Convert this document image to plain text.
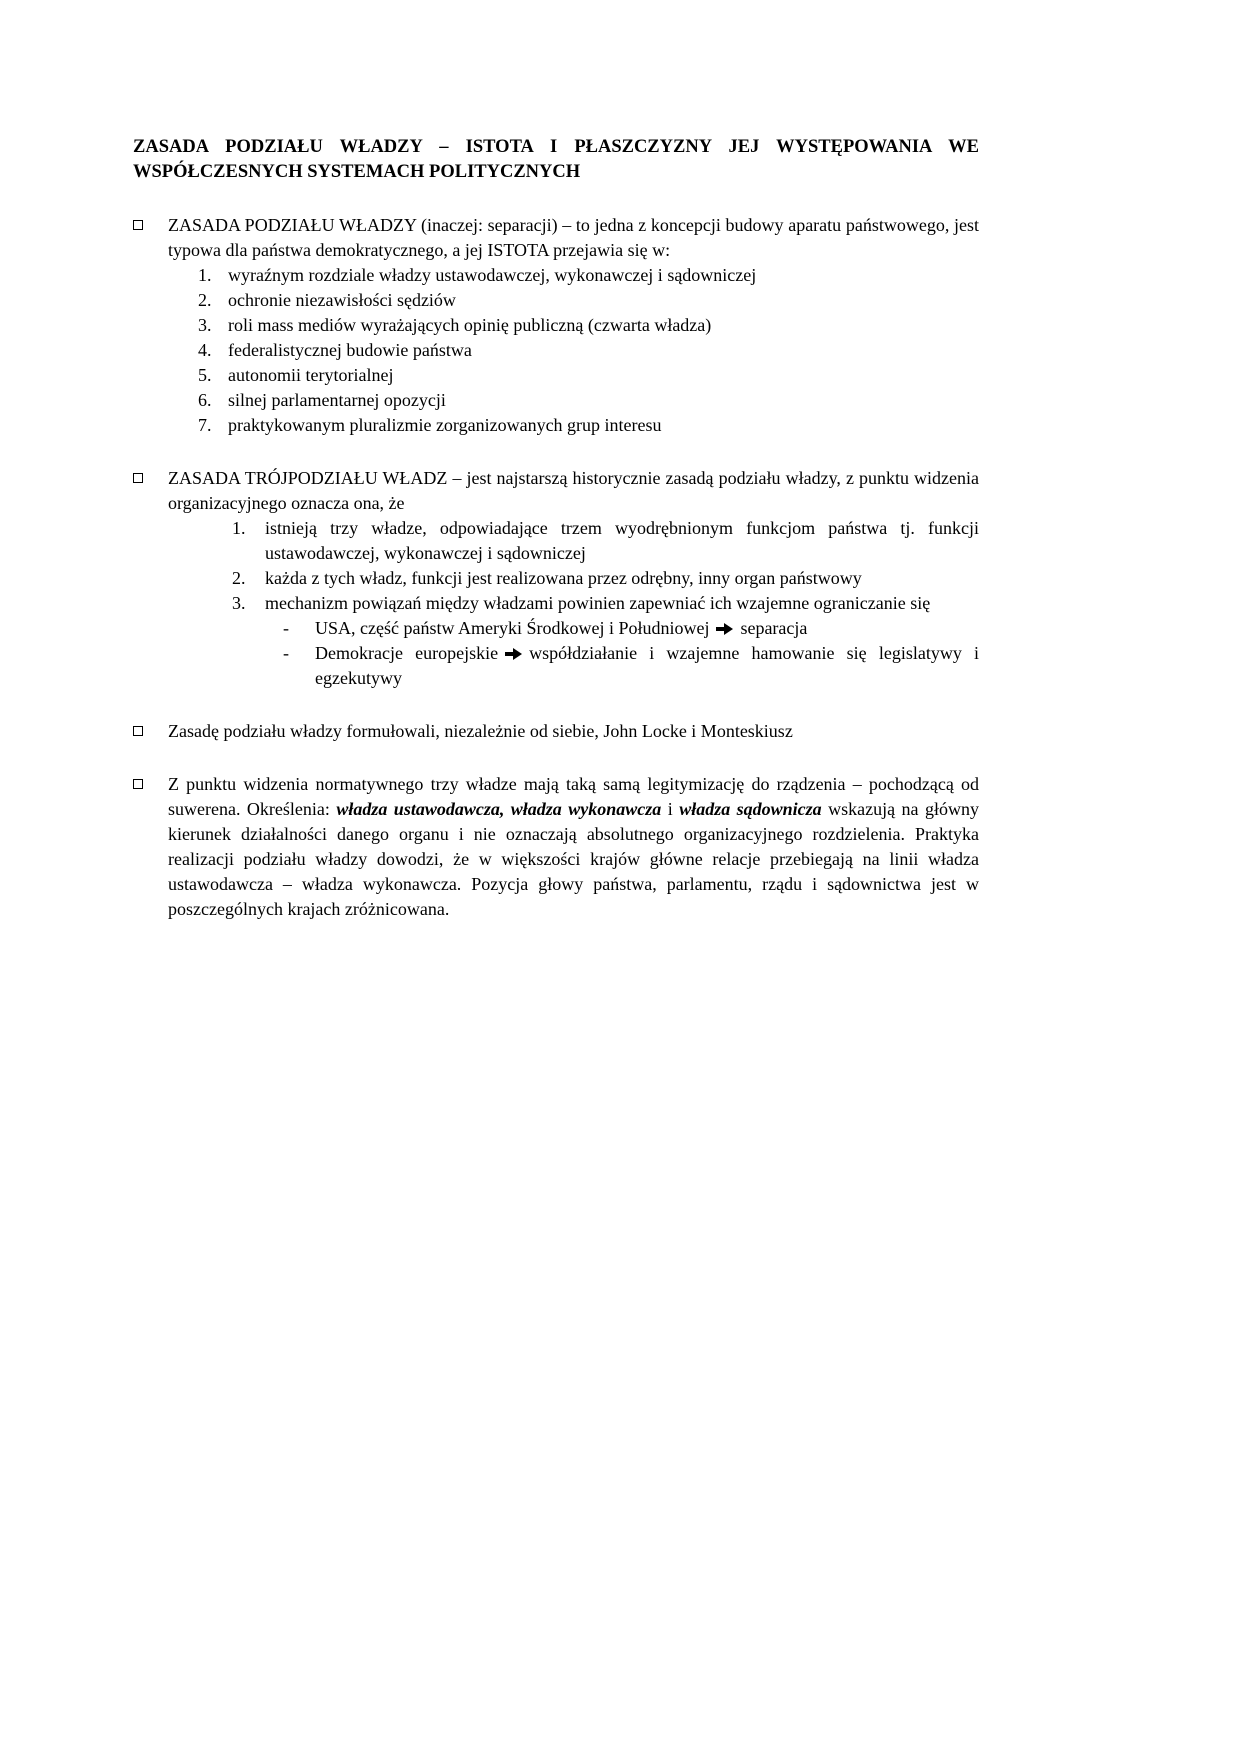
ZASADA PODZIAŁU WŁADZY – ISTOTA I PŁASZCZYZNY JEJ WYSTĘPOWANIA WE WSPÓŁCZESNYCH SYSTEMACH POLITYCZNYCH

ZASADA PODZIAŁU WŁADZY (inaczej: separacji) – to jedna z koncepcji budowy aparatu państwowego, jest typowa dla państwa demokratycznego, a jej ISTOTA przejawia się w:

1. wyraźnym rozdziale władzy ustawodawczej, wykonawczej i sądowniczej

2. ochronie niezawisłości sędziów

3. roli mass mediów wyrażających opinię publiczną (czwarta władza)

4. federalistycznej budowie państwa

5. autonomii terytorialnej

6. silnej parlamentarnej opozycji

7. praktykowanym pluralizmie zorganizowanych grup interesu

ZASADA TRÓJPODZIAŁU WŁADZ – jest najstarszą historycznie zasadą podziału władzy, z punktu widzenia organizacyjnego oznacza ona, że

1.	istnieją trzy władze, odpowiadające trzem wyodrębnionym funkcjom państwa tj. funkcji ustawodawczej, wykonawczej i sądowniczej

2.	każda z tych władz, funkcji jest realizowana przez odrębny, inny organ państwowy

3.	mechanizm powiązań między władzami powinien zapewniać ich wzajemne ograniczanie się

-	USA, część państw Ameryki Środkowej i Południowej separacja

-	Demokracje europejskie współdziałanie i wzajemne hamowanie się legislatywy i egzekutywy

Zasadę podziału władzy formułowali, niezależnie od siebie, John Locke i Monteskiusz

Z punktu widzenia normatywnego trzy władze mają taką samą legitymizację do rządzenia – pochodzącą od suwerena. Określenia: władza ustawodawcza, władza wykonawcza i władza sądownicza wskazują na główny kierunek działalności danego organu i nie oznaczają absolutnego organizacyjnego rozdzielenia. Praktyka realizacji podziału władzy dowodzi, że w większości krajów główne relacje przebiegają na linii władza ustawodawcza – władza wykonawcza. Pozycja głowy państwa, parlamentu, rządu i sądownictwa jest w poszczególnych krajach zróżnicowana.
